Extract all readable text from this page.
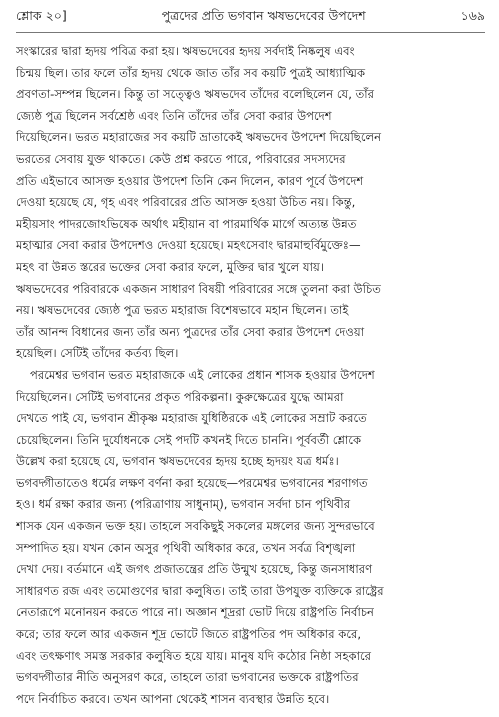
শ্লোক ২০]	পুত্রদের প্রতি ভগবান ঋষভদেবের উপদেশ	১৬৯
সংস্কারের দ্বারা হৃদয় পবিত্র করা হয়। ঋষভদেবের হৃদয় সর্বদাই নিষ্কলুষ এবং
চিন্ময় ছিল। তার ফলে তাঁর হৃদয় থেকে জাত তাঁর সব কয়টি পুত্রই আধ্যাত্মিক
প্রবণতা-সম্পন্ন ছিলেন। কিন্তু তা সত্ত্বেও ঋষভদেব তাঁদের বলেছিলেন যে, তাঁর
জ্যেষ্ঠ পুত্র ছিলেন সর্বশ্রেষ্ঠ এবং তিনি তাঁদের তাঁর সেবা করার উপদেশ
দিয়েছিলেন। ভরত মহারাজের সব কয়টি ভ্রাতাকেই ঋষভদেব উপদেশ দিয়েছিলেন
ভরতের সেবায় যুক্ত থাকতে। কেউ প্রশ্ন করতে পারে, পরিবারের সদস্যদের
প্রতি এইভাবে আসক্ত হওয়ার উপদেশ তিনি কেন দিলেন, কারণ পূর্বে উপদেশ
দেওয়া হয়েছে যে, গৃহ এবং পরিবারের প্রতি আসক্ত হওয়া উচিত নয়। কিন্তু,
মহীয়সাং পাদরজোঽভিষেক অর্থাৎ মহীয়ান বা পারমার্থিক মার্গে অত্যন্ত উন্নত
মহাত্মার সেবা করার উপদেশও দেওয়া হয়েছে। মহৎসেবাং দ্বারমাহুর্বিমুক্তেঃ—
মহৎ বা উন্নত স্তরের ভক্তের সেবা করার ফলে, মুক্তির দ্বার খুলে যায়।
ঋষভদেবের পরিবারকে একজন সাধারণ বিষয়ী পরিবারের সঙ্গে তুলনা করা উচিত
নয়। ঋষভদেবের জ্যেষ্ঠ পুত্র ভরত মহারাজ বিশেষভাবে মহান ছিলেন। তাই
তাঁর আনন্দ বিধানের জন্য তাঁর অন্য পুত্রদের তাঁর সেবা করার উপদেশ দেওয়া
হয়েছিল। সেটিই তাঁদের কর্তব্য ছিল।
পরমেশ্বর ভগবান ভরত মহারাজকে এই লোকের প্রধান শাসক হওয়ার উপদেশ
দিয়েছিলেন। সেটিই ভগবানের প্রকৃত পরিকল্পনা। কুরুক্ষেত্রের যুদ্ধে আমরা
দেখতে পাই যে, ভগবান শ্রীকৃষ্ণ মহারাজ যুধিষ্ঠিরকে এই লোকের সম্রাট করতে
চেয়েছিলেন। তিনি দুর্যোধনকে সেই পদটি কখনই দিতে চাননি। পূর্ববর্তী শ্লোকে
উল্লেখ করা হয়েছে যে, ভগবান ঋষভদেবের হৃদয় হচ্ছে হৃদয়ং যত্র ধর্মঃ।
ভগবদ্গীতাতেও ধর্মের লক্ষণ বর্ণনা করা হয়েছে—পরমেশ্বর ভগবানের শরণাগত
হও। ধর্ম রক্ষা করার জন্য (পরিত্রাণায় সাধুনাম্), ভগবান সর্বদা চান পৃথিবীর
শাসক যেন একজন ভক্ত হয়। তাহলে সবকিছুই সকলের মঙ্গলের জন্য সুন্দরভাবে
সম্পাদিত হয়। যখন কোন অসুর পৃথিবী অধিকার করে, তখন সর্বত্র বিশৃঙ্খলা
দেখা দেয়। বর্তমানে এই জগৎ প্রজাতন্ত্রের প্রতি উন্মুখ হয়েছে, কিন্তু জনসাধারণ
সাধারণত রজ এবং তমোগুণের দ্বারা কলুষিত। তাই তারা উপযুক্ত ব্যক্তিকে রাষ্ট্রের
নেতারূপে মনোনয়ন করতে পারে না। অজ্ঞান শূদ্ররা ভোট দিয়ে রাষ্ট্রপতি নির্বাচন
করে; তার ফলে আর একজন শূদ্র ভোটে জিতে রাষ্ট্রপতির পদ অধিকার করে,
এবং তৎক্ষণাৎ সমস্ত সরকার কলুষিত হয়ে যায়। মানুষ যদি কঠোর নিষ্ঠা সহকারে
ভগবদ্গীতার নীতি অনুসরণ করে, তাহলে তারা ভগবানের ভক্তকে রাষ্ট্রপতির
পদে নির্বাচিত করবে। তখন আপনা থেকেই শাসন ব্যবস্থার উন্নতি হবে।
